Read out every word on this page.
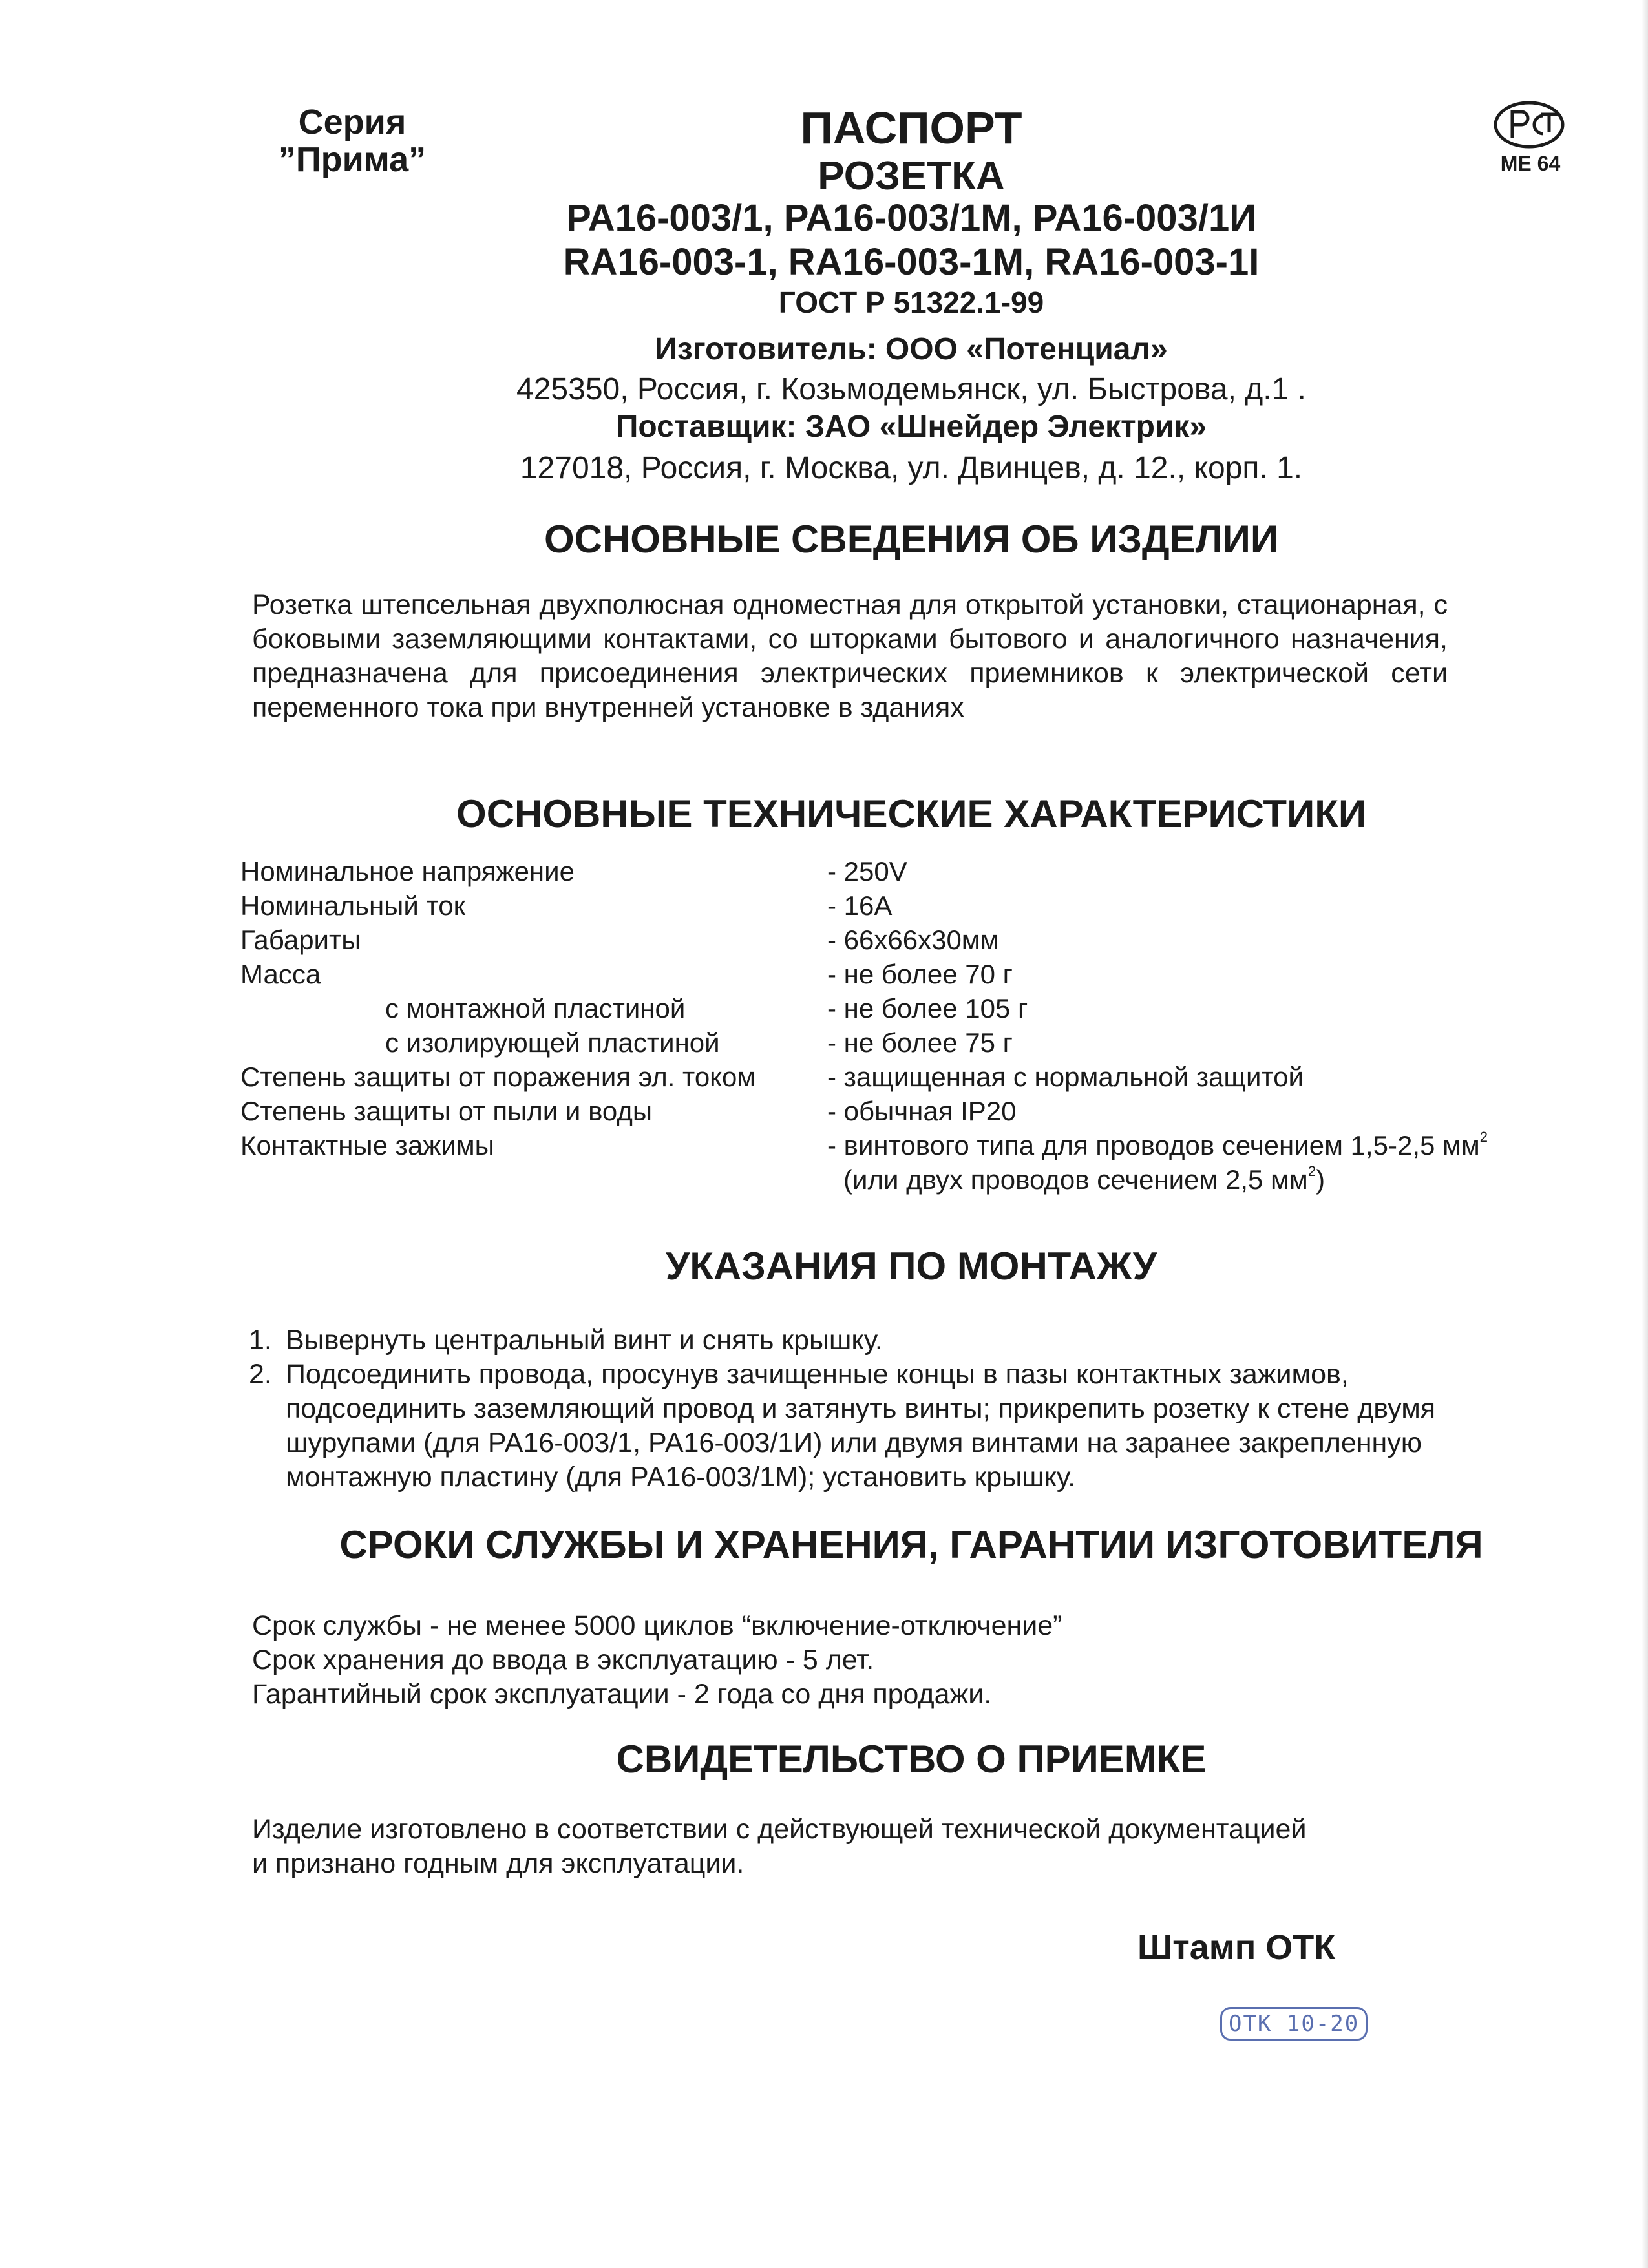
Серия
”Прима”	МЕ 64
ПАСПОРТ
РОЗЕТКА
РА16-003/1, РА16-003/1М, РА16-003/1И
RA16-003-1, RA16-003-1M, RA16-003-1I
ГОСТ Р 51322.1-99
Изготовитель: ООО «Потенциал»
425350, Россия, г. Козьмодемьянск, ул. Быстрова, д.1 .
Поставщик: ЗАО «Шнейдер Электрик»
127018, Россия, г. Москва, ул. Двинцев, д. 12., корп. 1.
ОСНОВНЫЕ СВЕДЕНИЯ ОБ ИЗДЕЛИИ
Розетка штепсельная двухполюсная одноместная для открытой установки, стационарная, с боковыми заземляющими контактами, со шторками бытового и аналогичного назначения, предназначена для присоединения электрических приемников к электрической сети переменного тока при внутренней установке в зданиях
ОСНОВНЫЕ ТЕХНИЧЕСКИЕ ХАРАКТЕРИСТИКИ
Номинальное напряжение	- 250V
Номинальный ток	- 16А
Габариты	- 66х66х30мм
Масса	- не более 70 г
с монтажной пластиной	- не более 105 г
с изолирующей пластиной	- не более 75 г
Степень защиты от поражения эл. током	- защищенная с нормальной защитой
Степень защиты от пыли и воды	- обычная IP20
Контактные зажимы	- винтового типа для проводов сечением 1,5-2,5 $мм^2$
(или двух проводов сечением 2,5 $мм^2$)
УКАЗАНИЯ ПО МОНТАЖУ
1. Вывернуть центральный винт и снять крышку.
2. Подсоединить провода, просунув зачищенные концы в пазы контактных зажимов, подсоединить заземляющий провод и затянуть винты; прикрепить розетку к стене двумя шурупами (для РА16-003/1, РА16-003/1И) или двумя винтами на заранее закрепленную монтажную пластину (для РА16-003/1М); установить крышку.
СРОКИ СЛУЖБЫ И ХРАНЕНИЯ, ГАРАНТИИ ИЗГОТОВИТЕЛЯ
Срок службы - не менее 5000 циклов “включение-отключение”
Срок хранения до ввода в эксплуатацию - 5 лет.
Гарантийный срок эксплуатации - 2 года со дня продажи.
СВИДЕТЕЛЬСТВО О ПРИЕМКЕ
Изделие изготовлено в соответствии с действующей технической документацией
и признано годным для эксплуатации.
Штамп ОТК
ОТК 10-20
